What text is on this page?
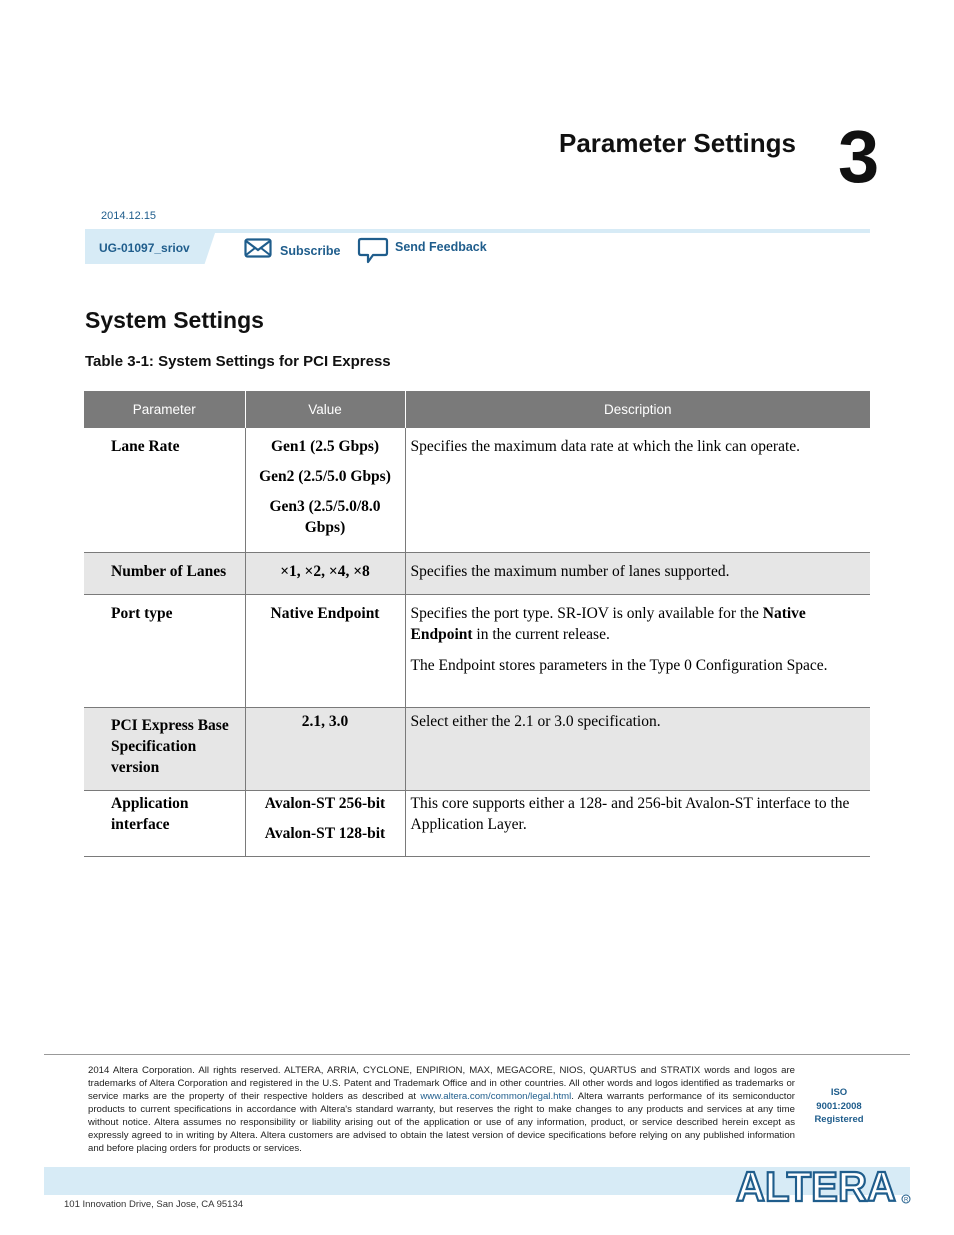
Parameter Settings 3
2014.12.15
UG-01097_sriov	Subscribe	Send Feedback
System Settings
Table 3-1: System Settings for PCI Express
Parameter	Value	Description
Lane Rate	Gen1 (2.5 Gbps)
Gen2 (2.5/5.0 Gbps)
Gen3 (2.5/5.0/8.0 Gbps)	Specifies the maximum data rate at which the link can operate.

Number of Lanes	×1, ×2, ×4, ×8	Specifies the maximum number of lanes supported.

Port type	Native Endpoint	Specifies the port type. SR-IOV is only available for the Native Endpoint in the current release.
The Endpoint stores parameters in the Type 0 Configuration Space.

PCI Express Base Specification version	2.1, 3.0	Select either the 2.1 or 3.0 specification.

Application interface	Avalon-ST 256-bit
Avalon-ST 128-bit	This core supports either a 128- and 256-bit Avalon-ST interface to the Application Layer.
2014 Altera Corporation. All rights reserved. ALTERA, ARRIA, CYCLONE, ENPIRION, MAX, MEGACORE, NIOS, QUARTUS and STRATIX words and logos are trademarks of Altera Corporation and registered in the U.S. Patent and Trademark Office and in other countries. All other words and logos identified as trademarks or service marks are the property of their respective holders as described at www.altera.com/common/legal.html. Altera warrants performance of its semiconductor products to current specifications in accordance with Altera's standard warranty, but reserves the right to make changes to any products and services at any time without notice. Altera assumes no responsibility or liability arising out of the application or use of any information, product, or service described herein except as expressly agreed to in writing by Altera. Altera customers are advised to obtain the latest version of device specifications before relying on any published information and before placing orders for products or services.
ISO
9001:2008
Registered
ALTERA R
101 Innovation Drive, San Jose, CA 95134
